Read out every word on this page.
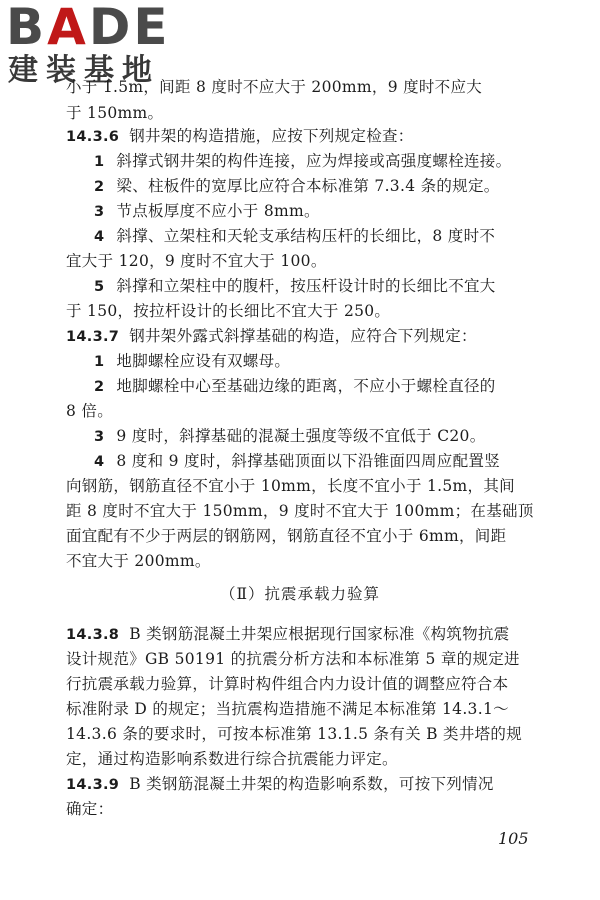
BADE
建装基地
小于 1.5m，间距 8 度时不应大于 200mm，9 度时不应大
于 150mm。
14.3.6 钢井架的构造措施，应按下列规定检查：
1 斜撑式钢井架的构件连接，应为焊接或高强度螺栓连接。
2 梁、柱板件的宽厚比应符合本标准第 7.3.4 条的规定。
3 节点板厚度不应小于 8mm。
4 斜撑、立架柱和天轮支承结构压杆的长细比，8 度时不
宜大于 120，9 度时不宜大于 100。
5 斜撑和立架柱中的腹杆，按压杆设计时的长细比不宜大
于 150，按拉杆设计的长细比不宜大于 250。
14.3.7 钢井架外露式斜撑基础的构造，应符合下列规定：
1 地脚螺栓应设有双螺母。
2 地脚螺栓中心至基础边缘的距离，不应小于螺栓直径的
8 倍。
3 9 度时，斜撑基础的混凝土强度等级不宜低于 C20。
4 8 度和 9 度时，斜撑基础顶面以下沿锥面四周应配置竖
向钢筋，钢筋直径不宜小于 10mm，长度不宜小于 1.5m，其间
距 8 度时不宜大于 150mm，9 度时不宜大于 100mm；在基础顶
面宜配有不少于两层的钢筋网，钢筋直径不宜小于 6mm，间距
不宜大于 200mm。
（Ⅱ）抗震承载力验算
14.3.8 B 类钢筋混凝土井架应根据现行国家标准《构筑物抗震
设计规范》GB 50191 的抗震分析方法和本标准第 5 章的规定进
行抗震承载力验算，计算时构件组合内力设计值的调整应符合本
标准附录 D 的规定；当抗震构造措施不满足本标准第 14.3.1～
14.3.6 条的要求时，可按本标准第 13.1.5 条有关 B 类井塔的规
定，通过构造影响系数进行综合抗震能力评定。
14.3.9 B 类钢筋混凝土井架的构造影响系数，可按下列情况
确定：
105
